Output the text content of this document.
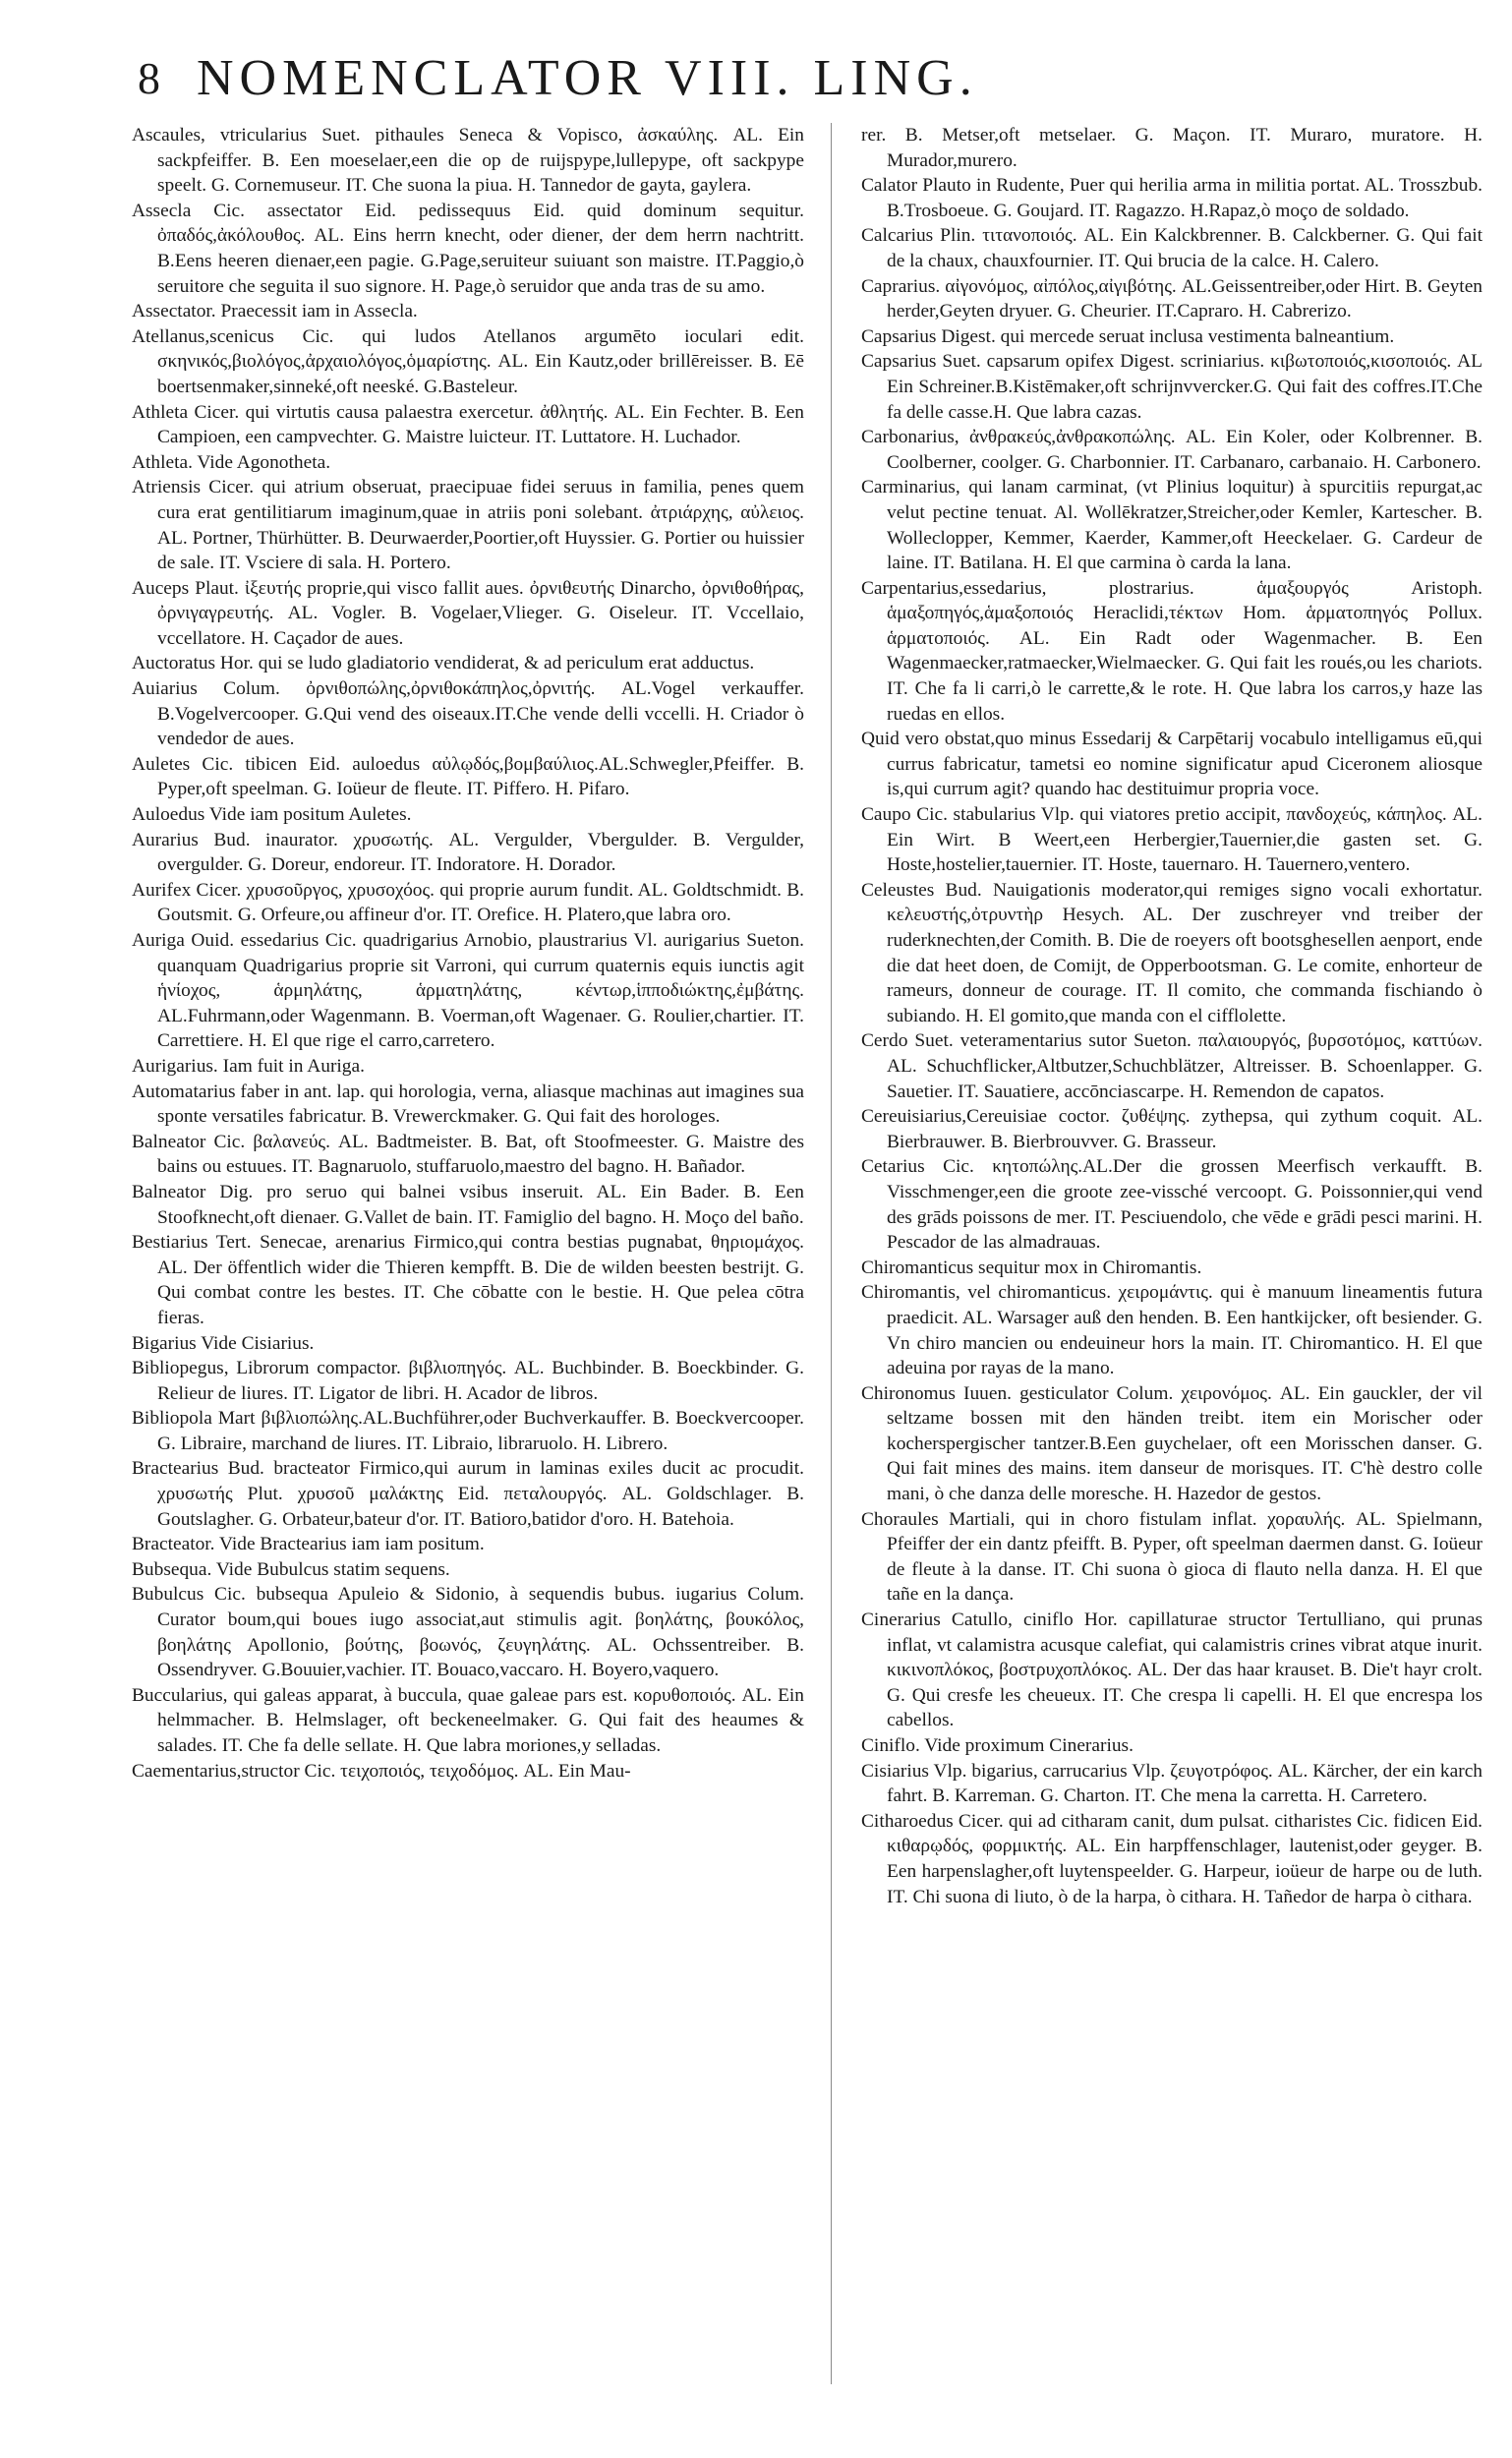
8 NOMENCLATOR VIII. LING.
Ascaules, vtricularius Suet. pithaules Seneca & Vopisco, ἀσκαύλης. AL. Ein sackpfeiffer. B. Een moeselaer,een die op de ruijspype,lullepype, oft sackpype speelt. G. Cornemuseur. IT. Che suona la piua. H. Tannedor de gayta, gaylera.
Assecla Cic. assectator Eid. pedissequus Eid. quid dominum sequitur. ὀπαδός,ἀκόλουθος. AL. Eins herrn knecht, oder diener, der dem herrn nachtritt. B.Eens heeren dienaer,een pagie. G.Page,seruiteur suiuant son maistre. IT.Paggio,ò seruitore che seguita il suo signore. H. Page,ò seruidor que anda tras de su amo.
Assectator. Praecessit iam in Assecla.
Atellanus,scenicus Cic. qui ludos Atellanos argumēto ioculari edit. σκηνικός,βιολόγος,ἀρχαιολόγος,ὁμαρίστης. AL. Ein Kautz,oder brillēreisser. B. Eē boertsenmaker,sinneké,oft neeské. G.Basteleur.
Athleta Cicer. qui virtutis causa palaestra exercetur. ἀθλητής. AL. Ein Fechter. B. Een Campioen, een campvechter. G. Maistre luicteur. IT. Luttatore. H. Luchador.
Athleta. Vide Agonotheta.
Atriensis Cicer. qui atrium obseruat, praecipuae fidei seruus in familia, penes quem cura erat gentilitiarum imaginum,quae in atriis poni solebant. ἀτριάρχης, αὐλειος. AL. Portner, Thürhütter. B. Deurwaerder,Poortier,oft Huyssier. G. Portier ou huissier de sale. IT. Vsciere di sala. H. Portero.
Auceps Plaut. ἰξευτής proprie,qui visco fallit aues. ὀρνιθευτής Dinarcho, ὀρνιθοθήρας, ὀρνιγαγρευτής. AL. Vogler. B. Vogelaer,Vlieger. G. Oiseleur. IT. Vccellaio, vccellatore. H. Caçador de aues.
Auctoratus Hor. qui se ludo gladiatorio vendiderat, & ad periculum erat adductus.
Auiarius Colum. ὀρνιθοπώλης,ὀρνιθοκάπηλος,ὀρνιτής. AL.Vogel verkauffer. B.Vogelvercooper. G.Qui vend des oiseaux.IT.Che vende delli vccelli. H. Criador ò vendedor de aues.
Auletes Cic. tibicen Eid. auloedus αὐλῳδός,βομβαύλιος.AL.Schwegler,Pfeiffer. B. Pyper,oft speelman. G. Ioüeur de fleute. IT. Piffero. H. Pifaro.
Auloedus Vide iam positum Auletes.
Aurarius Bud. inaurator. χρυσωτής. AL. Vergulder, Vbergulder. B. Vergulder, overgulder. G. Doreur, endoreur. IT. Indoratore. H. Dorador.
Aurifex Cicer. χρυσοῦργος, χρυσοχόος. qui proprie aurum fundit. AL. Goldtschmidt. B. Goutsmit. G. Orfeure,ou affineur d'or. IT. Orefice. H. Platero,que labra oro.
Auriga Ouid. essedarius Cic. quadrigarius Arnobio, plaustrarius Vl. aurigarius Sueton. quanquam Quadrigarius proprie sit Varroni, qui currum quaternis equis iunctis agit ἡνίοχος, ἁρμηλάτης, ἁρματηλάτης, κέντωρ,ἱπποδιώκτης,ἐμβάτης. AL.Fuhrmann,oder Wagenmann. B. Voerman,oft Wagenaer. G. Roulier,chartier. IT. Carrettiere. H. El que rige el carro,carretero.
Aurigarius. Iam fuit in Auriga.
Automatarius faber in ant. lap. qui horologia, verna, aliasque machinas aut imagines sua sponte versatiles fabricatur. B. Vrewerckmaker. G. Qui fait des horologes.
Balneator Cic. βαλανεύς. AL. Badtmeister. B. Bat, oft Stoofmeester. G. Maistre des bains ou estuues. IT. Bagnaruolo, stuffaruolo,maestro del bagno. H. Bañador.
Balneator Dig. pro seruo qui balnei vsibus inseruit. AL. Ein Bader. B. Een Stoofknecht,oft dienaer. G.Vallet de bain. IT. Famiglio del bagno. H. Moço del baño.
Bestiarius Tert. Senecae, arenarius Firmico,qui contra bestias pugnabat, θηριομάχος. AL. Der öffentlich wider die Thieren kempfft. B. Die de wilden beesten bestrijt. G. Qui combat contre les bestes. IT. Che cōbatte con le bestie. H. Que pelea cōtra fieras.
Bigarius Vide Cisiarius.
Bibliopegus, Librorum compactor. βιβλιοπηγός. AL. Buchbinder. B. Boeckbinder. G. Relieur de liures. IT. Ligator de libri. H. Acador de libros.
Bibliopola Mart βιβλιοπώλης.AL.Buchführer,oder Buchverkauffer. B. Boeckvercooper. G. Libraire, marchand de liures. IT. Libraio, libraruolo. H. Librero.
Bractearius Bud. bracteator Firmico,qui aurum in laminas exiles ducit ac procudit. χρυσωτής Plut. χρυσοῦ μαλάκτης Eid. πεταλουργός. AL. Goldschlager. B. Goutslagher. G. Orbateur,bateur d'or. IT. Batioro,batidor d'oro. H. Batehoia.
Bracteator. Vide Bractearius iam iam positum.
Bubsequa. Vide Bubulcus statim sequens.
Bubulcus Cic. bubsequa Apuleio & Sidonio, à sequendis bubus. iugarius Colum. Curator boum,qui boues iugo associat,aut stimulis agit. βοηλάτης, βουκόλος, βοηλάτης Apollonio, βούτης, βοωνός, ζευγηλάτης. AL. Ochssentreiber. B. Ossendryver. G.Bouuier,vachier. IT. Bouaco,vaccaro. H. Boyero,vaquero.
Buccularius, qui galeas apparat, à buccula, quae galeae pars est. κορυθοποιός. AL. Ein helmmacher. B. Helmslager, oft beckeneelmaker. G. Qui fait des heaumes & salades. IT. Che fa delle sellate. H. Que labra moriones,y selladas.
Caementarius,structor Cic. τειχοποιός, τειχοδόμος. AL. Ein Mau-
rer. B. Metser,oft metselaer. G. Maçon. IT. Muraro, muratore. H. Murador,murero.
Calator Plauto in Rudente, Puer qui herilia arma in militia portat. AL. Trosszbub. B.Trosboeue. G. Goujard. IT. Ragazzo. H.Rapaz,ò moço de soldado.
Calcarius Plin. τιτανοποιός. AL. Ein Kalckbrenner. B. Calckberner. G. Qui fait de la chaux, chauxfournier. IT. Qui brucia de la calce. H. Calero.
Caprarius. αἰγονόμος, αἰπόλος,αἰγιβότης. AL.Geissentreiber,oder Hirt. B. Geyten herder,Geyten dryuer. G. Cheurier. IT.Capraro. H. Cabrerizo.
Capsarius Digest. qui mercede seruat inclusa vestimenta balneantium.
Capsarius Suet. capsarum opifex Digest. scriniarius. κιβωτοποιός,κισοποιός. AL Ein Schreiner.B.Kistēmaker,oft schrijnvvercker.G. Qui fait des coffres.IT.Che fa delle casse.H. Que labra cazas.
Carbonarius, ἀνθρακεύς,ἀνθρακοπώλης. AL. Ein Koler, oder Kolbrenner. B. Coolberner, coolger. G. Charbonnier. IT. Carbanaro, carbanaio. H. Carbonero.
Carminarius, qui lanam carminat, (vt Plinius loquitur) à spurcitiis repurgat,ac velut pectine tenuat. Al. Wollēkratzer,Streicher,oder Kemler, Kartescher. B. Wolleclopper, Kemmer, Kaerder, Kammer,oft Heeckelaer. G. Cardeur de laine. IT. Batilana. H. El que carmina ò carda la lana.
Carpentarius,essedarius, plostrarius. ἁμαξουργός Aristoph. ἁμαξοπηγός,ἁμαξοποιός Heraclidi,τέκτων Hom. ἁρματοπηγός Pollux. ἁρματοποιός. AL. Ein Radt oder Wagenmacher. B. Een Wagenmaecker,ratmaecker,Wielmaecker. G. Qui fait les roués,ou les chariots. IT. Che fa li carri,ò le carrette,& le rote. H. Que labra los carros,y haze las ruedas en ellos.
Quid vero obstat,quo minus Essedarij & Carpētarij vocabulo intelligamus eū,qui currus fabricatur, tametsi eo nomine significatur apud Ciceronem aliosque is,qui currum agit? quando hac destituimur propria voce.
Caupo Cic. stabularius Vlp. qui viatores pretio accipit, πανδοχεύς, κάπηλος. AL. Ein Wirt. B Weert,een Herbergier,Tauernier,die gasten set. G. Hoste,hostelier,tauernier. IT. Hoste, tauernaro. H. Tauernero,ventero.
Celeustes Bud. Nauigationis moderator,qui remiges signo vocali exhortatur. κελευστής,ὀτρυντὴρ Hesych. AL. Der zuschreyer vnd treiber der ruderknechten,der Comith. B. Die de roeyers oft bootsghesellen aenport, ende die dat heet doen, de Comijt, de Opperbootsman. G. Le comite, enhorteur de rameurs, donneur de courage. IT. Il comito, che commanda fischiando ò subiando. H. El gomito,que manda con el cifflolette.
Cerdo Suet. veteramentarius sutor Sueton. παλαιουργός, βυρσοτόμος, καττύων. AL. Schuchflicker,Altbutzer,Schuchblätzer, Altreisser. B. Schoenlapper. G. Sauetier. IT. Sauatiere, accōnciascarpe. H. Remendon de capatos.
Cereuisiarius,Cereuisiae coctor. ζυθέψης. zythepsa, qui zythum coquit. AL. Bierbrauwer. B. Bierbrouvver. G. Brasseur.
Cetarius Cic. κητοπώλης.AL.Der die grossen Meerfisch verkaufft. B. Visschmenger,een die groote zee-vissché vercoopt. G. Poissonnier,qui vend des grāds poissons de mer. IT. Pesciuendolo, che vēde e grādi pesci marini. H. Pescador de las almadrauas.
Chiromanticus sequitur mox in Chiromantis.
Chiromantis, vel chiromanticus. χειρομάντις. qui è manuum lineamentis futura praedicit. AL. Warsager auß den henden. B. Een hantkijcker, oft besiender. G. Vn chiro mancien ou endeuineur hors la main. IT. Chiromantico. H. El que adeuina por rayas de la mano.
Chironomus Iuuen. gesticulator Colum. χειρονόμος. AL. Ein gauckler, der vil seltzame bossen mit den händen treibt. item ein Morischer oder kocherspergischer tantzer.B.Een guychelaer, oft een Morisschen danser. G. Qui fait mines des mains. item danseur de morisques. IT. C'hè destro colle mani, ò che danza delle moresche. H. Hazedor de gestos.
Choraules Martiali, qui in choro fistulam inflat. χοραυλής. AL. Spielmann, Pfeiffer der ein dantz pfeifft. B. Pyper, oft speelman daermen danst. G. Ioüeur de fleute à la danse. IT. Chi suona ò gioca di flauto nella danza. H. El que tañe en la dança.
Cinerarius Catullo, ciniflo Hor. capillaturae structor Tertulliano, qui prunas inflat, vt calamistra acusque calefiat, qui calamistris crines vibrat atque inurit. κικινοπλόκος, βοστρυχοπλόκος. AL. Der das haar krauset. B. Die't hayr crolt. G. Qui cresfe les cheueux. IT. Che crespa li capelli. H. El que encrespa los cabellos.
Ciniflo. Vide proximum Cinerarius.
Cisiarius Vlp. bigarius, carrucarius Vlp. ζευγοτρόφος. AL. Kärcher, der ein karch fahrt. B. Karreman. G. Charton. IT. Che mena la carretta. H. Carretero.
Citharoedus Cicer. qui ad citharam canit, dum pulsat. citharistes Cic. fidicen Eid. κιθαρῳδός, φορμικτής. AL. Ein harpffenschlager, lautenist,oder geyger. B. Een harpenslagher,oft luytenspeelder. G. Harpeur, ioüeur de harpe ou de luth. IT. Chi suona di liuto, ò de la harpa, ò cithara. H. Tañedor de harpa ò cithara.
